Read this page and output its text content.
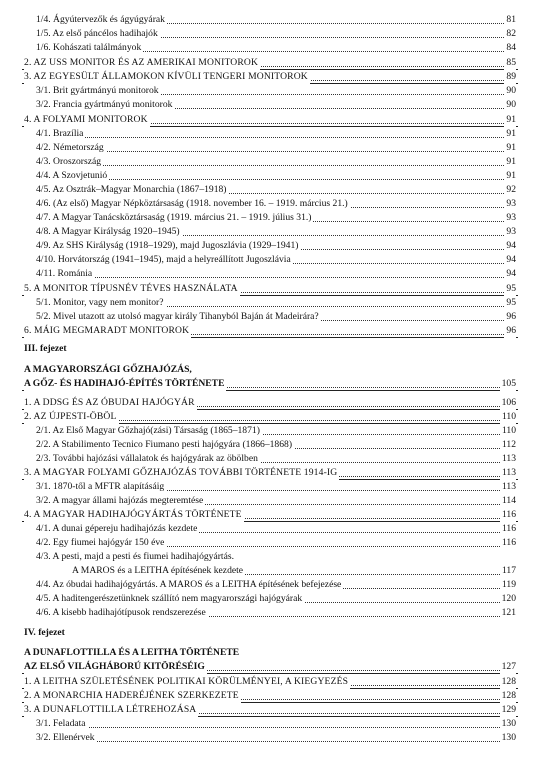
1/4. Ágyútervezők és ágyúgyárak	81
1/5. Az első páncélos hadihajók	82
1/6. Kohászati találmányok	84
2. AZ USS MONITOR ÉS AZ AMERIKAI MONITOROK	85
3. AZ EGYESÜLT ÁLLAMOKON KÍVÜLI TENGERI MONITOROK	89
3/1. Brit gyártmányú monitorok	90
3/2. Francia gyártmányú monitorok	90
4. A FOLYAMI MONITOROK	91
4/1. Brazília	91
4/2. Németország	91
4/3. Oroszország	91
4/4. A Szovjetunió	91
4/5. Az Osztrák–Magyar Monarchia (1867–1918)	92
4/6. (Az első) Magyar Népköztársaság (1918. november 16. – 1919. március 21.)	93
4/7. A Magyar Tanácsköztársaság (1919. március 21. – 1919. július 31.)	93
4/8. A Magyar Királyság 1920–1945)	93
4/9. Az SHS Királyság (1918–1929), majd Jugoszlávia (1929–1941)	94
4/10. Horvátország (1941–1945), majd a helyreállított Jugoszlávia	94
4/11. Románia	94
5. A MONITOR TÍPUSNÉV TÉVES HASZNÁLATA	95
5/1. Monitor, vagy nem monitor?	95
5/2. Mivel utazott az utolsó magyar király Tihanyból Baján át Madeirára?	96
6. MÁIG MEGMARADT MONITOROK	96
III. fejezet
A MAGYARORSZÁGI GŐZHAJÓZÁS,
A GŐZ- ÉS HADIHAJÓ-ÉPÍTÉS TÖRTÉNETE	105
1. A DDSG ÉS AZ ÓBUDAI HAJÓGYÁR	106
2. AZ ÚJPESTI-ÖBÖL	110
2/1. Az Első Magyar Gőzhajó(zási) Társaság (1865–1871)	110
2/2. A Stabilimento Tecnico Fiumano pesti hajógyára (1866–1868)	112
2/3. További hajózási vállalatok és hajógyárak az öbölben	113
3. A MAGYAR FOLYAMI GŐZHAJÓZÁS TOVÁBBI TÖRTÉNETE 1914-IG	113
3/1. 1870-től a MFTR alapításáig	113
3/2. A magyar állami hajózás megteremtése	114
4. A MAGYAR HADIHAJÓGYÁRTÁS TÖRTÉNETE	116
4/1. A dunai gépereju hadihajózás kezdete	116
4/2. Egy fiumei hajógyár 150 éve	116
4/3. A pesti, majd a pesti és fiumei hadihajógyártás.
A MAROS és a LEITHA építésének kezdete	117
4/4. Az óbudai hadihajógyártás. A MAROS és a LEITHA építésének befejezése	119
4/5. A haditengerészetünknek szállító nem magyarországi hajógyárak	120
4/6. A kisebb hadihajótípusok rendszerezése	121
IV. fejezet
A DUNAFLOTTILLA ÉS A LEITHA TÖRTÉNETE
AZ ELSŐ VILÁGHÁBORÚ KITÖRÉSÉIG	127
1. A LEITHA SZÜLETÉSÉNEK POLITIKAI KÖRÜLMÉNYEI, A KIEGYEZÉS	128
2. A MONARCHIA HADERÉJÉNEK SZERKEZETE	128
3. A DUNAFLOTTILLA LÉTREHOZÁSA	129
3/1. Feladata	130
3/2. Ellenérvek	130
